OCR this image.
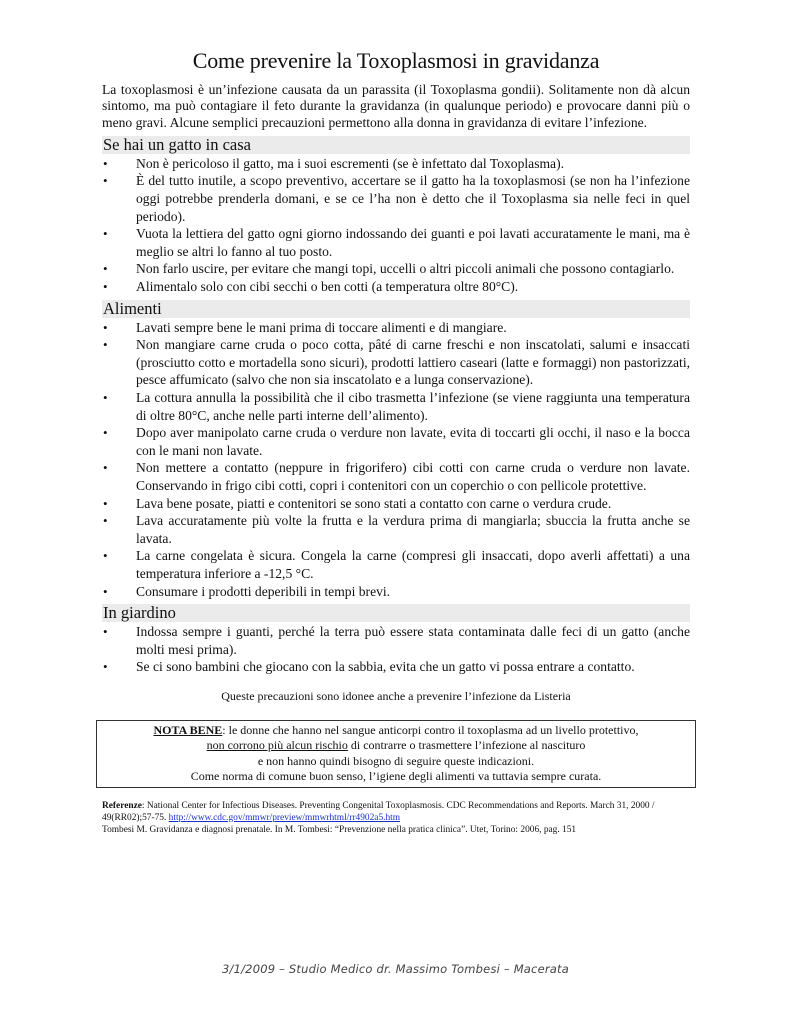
Come prevenire la Toxoplasmosi in gravidanza

La toxoplasmosi è un’infezione causata da un parassita (il Toxoplasma gondii). Solitamente non dà alcun sintomo, ma può contagiare il feto durante la gravidanza (in qualunque periodo) e provocare danni più o meno gravi. Alcune semplici precauzioni permettono alla donna in gravidanza di evitare l’infezione.

Se hai un gatto in casa
• Non è pericoloso il gatto, ma i suoi escrementi (se è infettato dal Toxoplasma).
• È del tutto inutile, a scopo preventivo, accertare se il gatto ha la toxoplasmosi (se non ha l’infezione oggi potrebbe prenderla domani, e se ce l’ha non è detto che il Toxoplasma sia nelle feci in quel periodo).
• Vuota la lettiera del gatto ogni giorno indossando dei guanti e poi lavati accuratamente le mani, ma è meglio se altri lo fanno al tuo posto.
• Non farlo uscire, per evitare che mangi topi, uccelli o altri piccoli animali che possono contagiarlo.
• Alimentalo solo con cibi secchi o ben cotti (a temperatura oltre 80°C).
Alimenti
• Lavati sempre bene le mani prima di toccare alimenti e di mangiare.
• Non mangiare carne cruda o poco cotta, pâté di carne freschi e non inscatolati, salumi e insaccati (prosciutto cotto e mortadella sono sicuri), prodotti lattiero caseari (latte e formaggi) non pastorizzati, pesce affumicato (salvo che non sia inscatolato e a lunga conservazione).
• La cottura annulla la possibilità che il cibo trasmetta l’infezione (se viene raggiunta una temperatura di oltre 80°C, anche nelle parti interne dell’alimento).
• Dopo aver manipolato carne cruda o verdure non lavate, evita di toccarti gli occhi, il naso e la bocca con le mani non lavate.
• Non mettere a contatto (neppure in frigorifero) cibi cotti con carne cruda o verdure non lavate. Conservando in frigo cibi cotti, copri i contenitori con un coperchio o con pellicole protettive.
• Lava bene posate, piatti e contenitori se sono stati a contatto con carne o verdura crude.
• Lava accuratamente più volte la frutta e la verdura prima di mangiarla; sbuccia la frutta anche se lavata.
• La carne congelata è sicura. Congela la carne (compresi gli insaccati, dopo averli affettati) a una temperatura inferiore a -12,5 °C.
• Consumare i prodotti deperibili in tempi brevi.
In giardino
• Indossa sempre i guanti, perché la terra può essere stata contaminata dalle feci di un gatto (anche molti mesi prima).
• Se ci sono bambini che giocano con la sabbia, evita che un gatto vi possa entrare a contatto.
Queste precauzioni sono idonee anche a prevenire l’infezione da Listeria
NOTA BENE: le donne che hanno nel sangue anticorpi contro il toxoplasma ad un livello protettivo,
non corrono più alcun rischio di contrarre o trasmettere l’infezione al nascituro
e non hanno quindi bisogno di seguire queste indicazioni.
Come norma di comune buon senso, l’igiene degli alimenti va tuttavia sempre curata.
Referenze: National Center for Infectious Diseases. Preventing Congenital Toxoplasmosis. CDC Recommendations and Reports. March 31, 2000 / 49(RR02);57-75. http://www.cdc.gov/mmwr/preview/mmwrhtml/rr4902a5.htm
Tombesi M. Gravidanza e diagnosi prenatale. In M. Tombesi: “Prevenzione nella pratica clinica”. Utet, Torino: 2006, pag. 151
3/1/2009 – Studio Medico dr. Massimo Tombesi – Macerata
